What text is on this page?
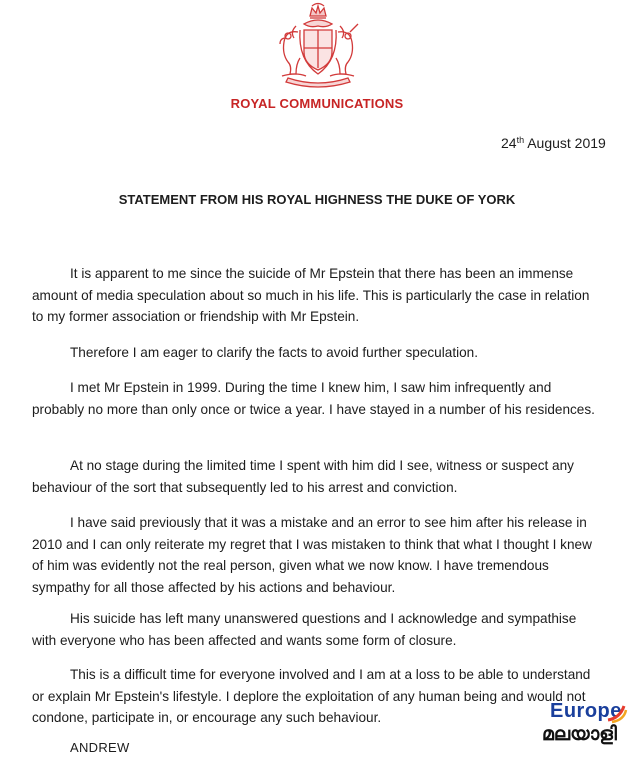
ROYAL COMMUNICATIONS
24th August 2019
STATEMENT FROM HIS ROYAL HIGHNESS THE DUKE OF YORK

It is apparent to me since the suicide of Mr Epstein that there has been an immense amount of media speculation about so much in his life. This is particularly the case in relation to my former association or friendship with Mr Epstein.

Therefore I am eager to clarify the facts to avoid further speculation.

I met Mr Epstein in 1999. During the time I knew him, I saw him infrequently and probably no more than only once or twice a year. I have stayed in a number of his residences.

At no stage during the limited time I spent with him did I see, witness or suspect any behaviour of the sort that subsequently led to his arrest and conviction.

I have said previously that it was a mistake and an error to see him after his release in 2010 and I can only reiterate my regret that I was mistaken to think that what I thought I knew of him was evidently not the real person, given what we now know. I have tremendous sympathy for all those affected by his actions and behaviour.

His suicide has left many unanswered questions and I acknowledge and sympathise with everyone who has been affected and wants some form of closure.

This is a difficult time for everyone involved and I am at a loss to be able to understand or explain Mr Epstein's lifestyle. I deplore the exploitation of any human being and would not condone, participate in, or encourage any such behaviour.

ANDREW
Europe
മലയാളി
